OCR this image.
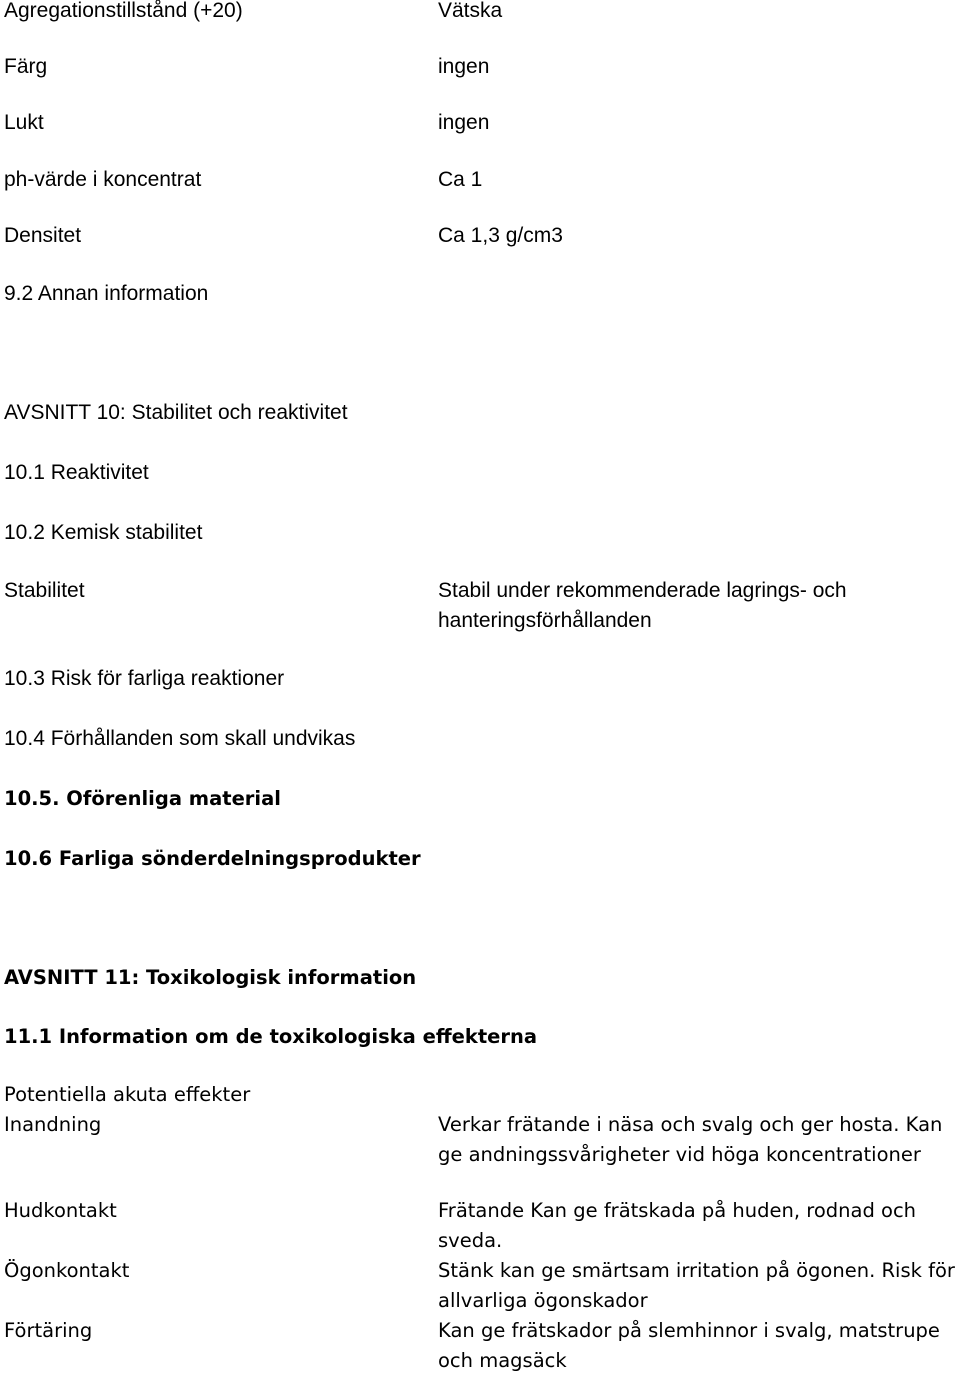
Agregationstillstånd (+20)	Vätska

Färg	ingen

Lukt	ingen

ph-värde i koncentrat	Ca 1

Densitet	Ca 1,3 g/cm3

9.2 Annan information

AVSNITT 10: Stabilitet och reaktivitet

10.1 Reaktivitet

10.2 Kemisk stabilitet

Stabilitet	Stabil under rekommenderade lagrings- och

hanteringsförhållanden

10.3 Risk för farliga reaktioner

10.4 Förhållanden som skall undvikas

10.5. Oförenliga material

10.6 Farliga sönderdelningsprodukter

AVSNITT 11: Toxikologisk information

11.1 Information om de toxikologiska effekterna

Potentiella akuta effekter

Inandning	Verkar frätande i näsa och svalg och ger hosta. Kan

ge andningssvårigheter vid höga koncentrationer

Hudkontakt	Frätande Kan ge frätskada på huden, rodnad och

sveda.

Ögonkontakt	Stänk kan ge smärtsam irritation på ögonen. Risk för

allvarliga ögonskador

Förtäring	Kan ge frätskador på slemhinnor i svalg, matstrupe

och magsäck
